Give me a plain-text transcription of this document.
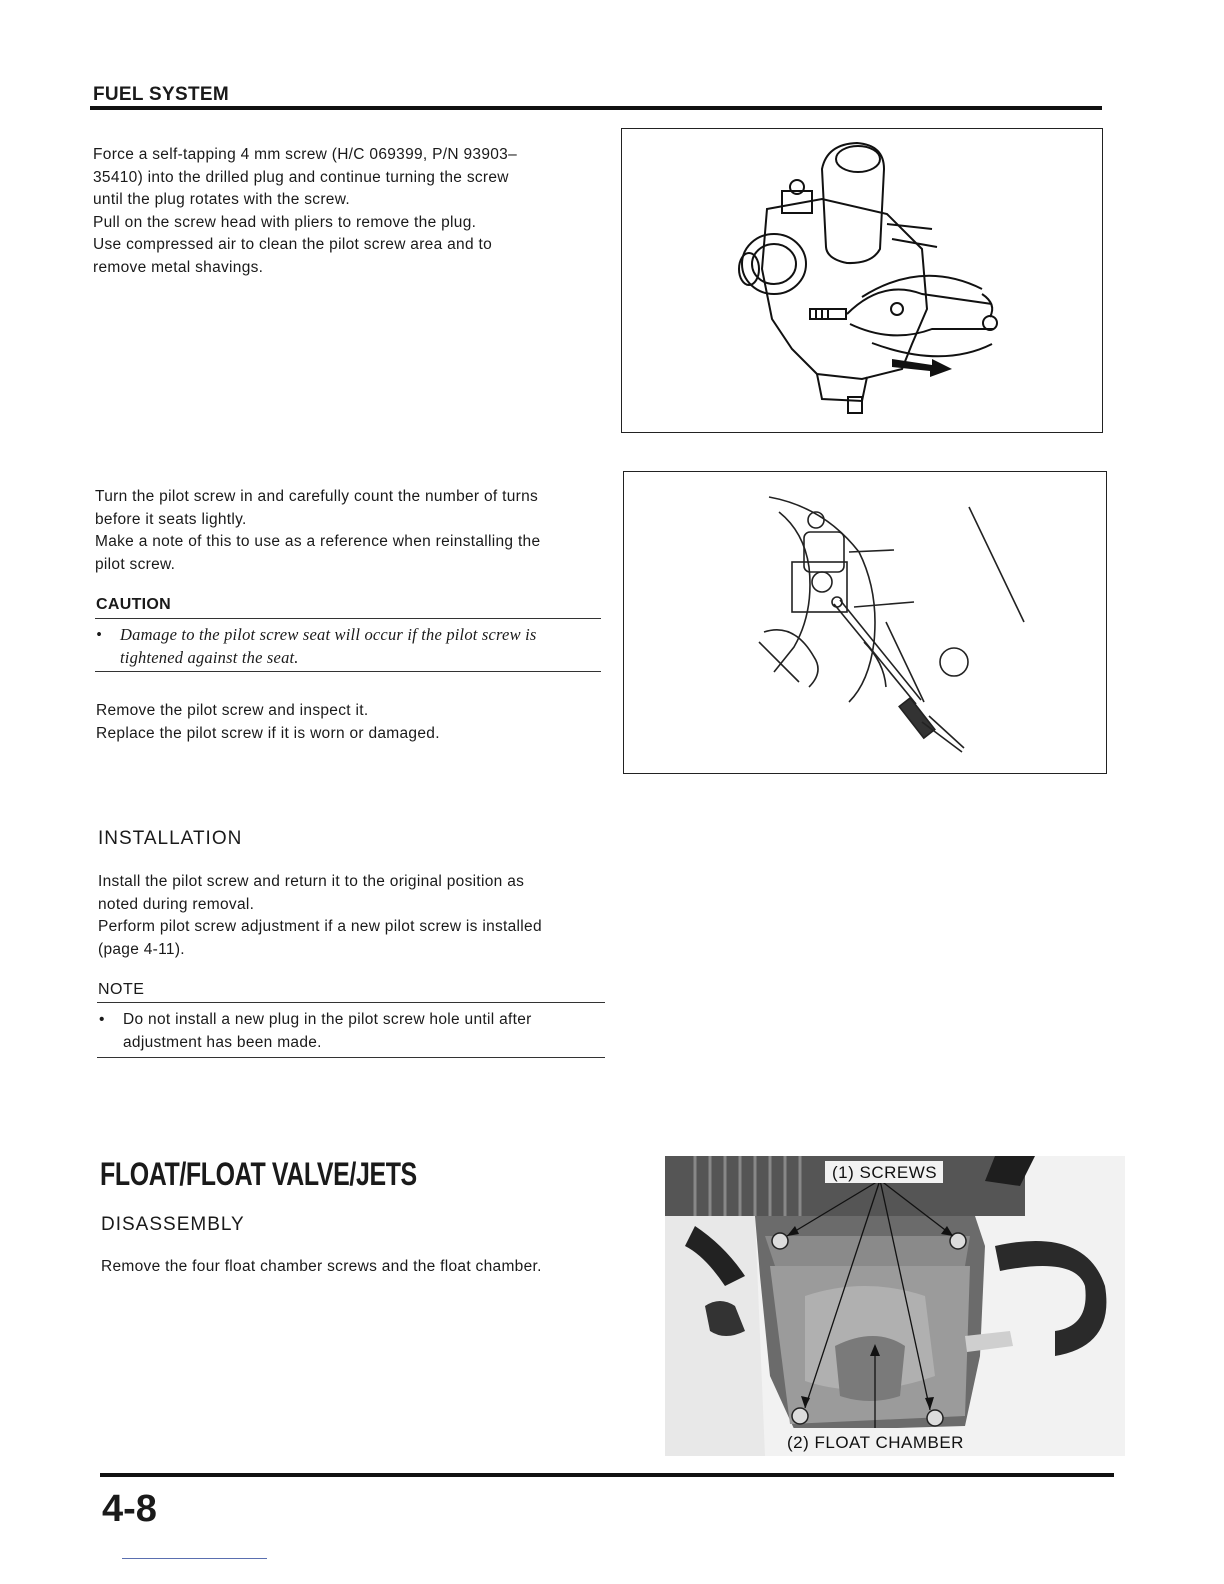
FUEL SYSTEM

Force a self-tapping 4 mm screw (H/C 069399, P/N 93903–

35410) into the drilled plug and continue turning the screw

until the plug rotates with the screw.

Pull on the screw head with pliers to remove the plug.

Use compressed air to clean the pilot screw area and to

remove metal shavings.

Turn the pilot screw in and carefully count the number of turns

before it seats lightly.

Make a note of this to use as a reference when reinstalling the

pilot screw.

CAUTION
• Damage to the pilot screw seat will occur if the pilot screw is
tightened against the seat.

Remove the pilot screw and inspect it.

Replace the pilot screw if it is worn or damaged.

INSTALLATION

Install the pilot screw and return it to the original position as

noted during removal.

Perform pilot screw adjustment if a new pilot screw is installed

(page 4-11).

NOTE
• Do not install a new plug in the pilot screw hole until after
adjustment has been made.
FLOAT/FLOAT VALVE/JETS
DISASSEMBLY
Remove the four float chamber screws and the float chamber.
(1) SCREWS
(2) FLOAT CHAMBER
4-8
